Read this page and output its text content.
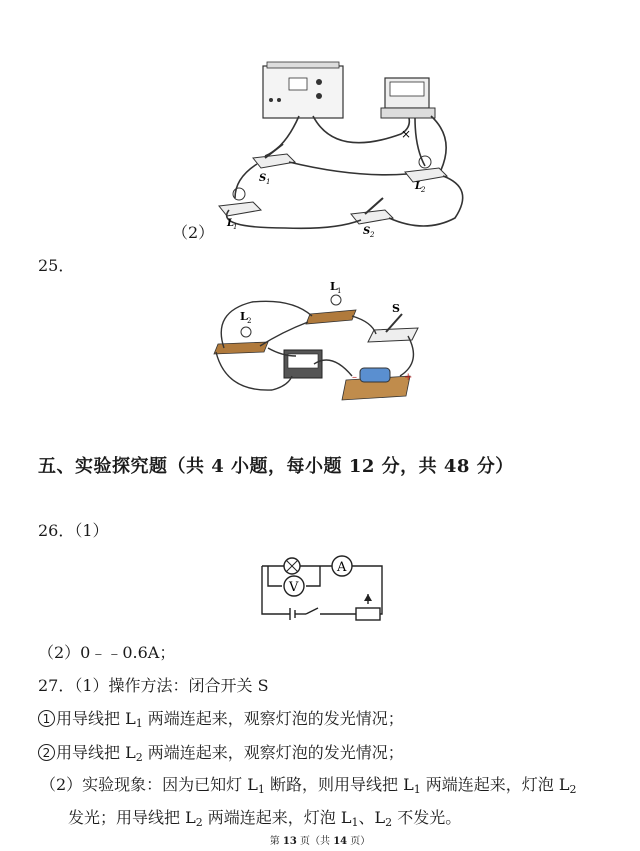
×
S 1	L
2
L
1	S 2
（2）
25．
L 1
L 2
S
–	+
五、实验探究题（共 4 小题，每小题 12 分，共 48 分）
26．（1）
A
V
（2）0﹣﹣0.6A；
27．（1）操作方法：闭合开关 S
1 用导线把 $L_1$ 两端连起来，观察灯泡的发光情况；
2 用导线把 $L_2$ 两端连起来，观察灯泡的发光情况；
（2）实验现象：因为已知灯 $L_1$ 断路，则用导线把 $L_1$ 两端连起来，灯泡 $L_2$
发光；用导线把 $L_2$ 两端连起来，灯泡 $L_1$、$L_2$ 不发光。
第 13 页（共 14 页）
